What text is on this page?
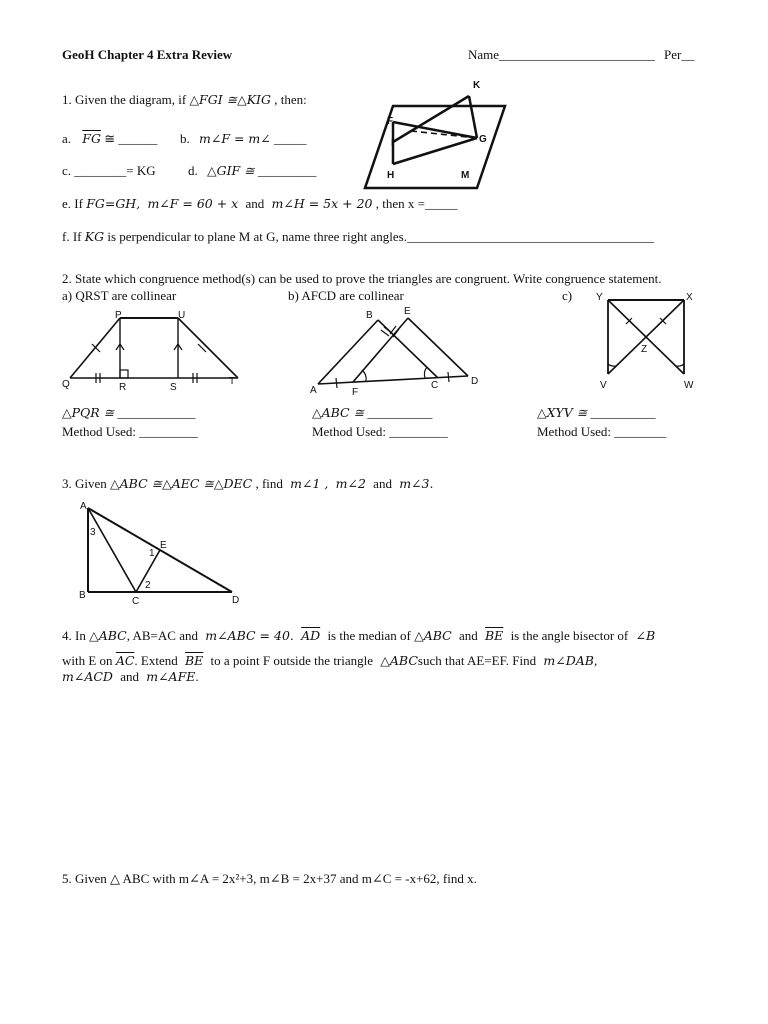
GeoH Chapter 4 Extra Review	Name________________________ Per__
1. Given the diagram, if △FGI ≅△KIG , then:
a. $\overline{FG}$ ≅ ______ b. m∠F = m∠ _____
c. ________= KG d. △GIF ≅ _________
e. If FG=GH, m∠F = 60 + x and m∠H = 5x + 20 , then x =_____
f. If KG is perpendicular to plane M at G, name three right angles.______________________________________
K
F
I	G
H	M
2. State which congruence method(s) can be used to prove the triangles are congruent. Write congruence statement.
a) QRST are collinear	b) AFCD are collinear	c)
P	U
Q	R	S
T
B	E
A	F
C	D
Y	X
Z
V	W
△PQR ≅ ____________	△ABC ≅ __________	△XYV ≅ __________
Method Used: _________	Method Used: _________	Method Used: ________
3. Given △ABC ≅△AEC ≅△DEC , find m∠1 , m∠2 and m∠3.
A
E
B
C	D
1
2
3
4. In △ABC, AB=AC and m∠ABC = 40. $\overline{AD}$ is the median of △ABC and $\overline{BE}$ is the angle bisector of ∠B
with E on $\overline{AC}$. Extend $\overline{BE}$ to a point F outside the triangle △ABCsuch that AE=EF. Find m∠DAB,
m∠ACD and m∠AFE.
5. Given △ ABC with m∠A = 2x²+3, m∠B = 2x+37 and m∠C = -x+62, find x.
